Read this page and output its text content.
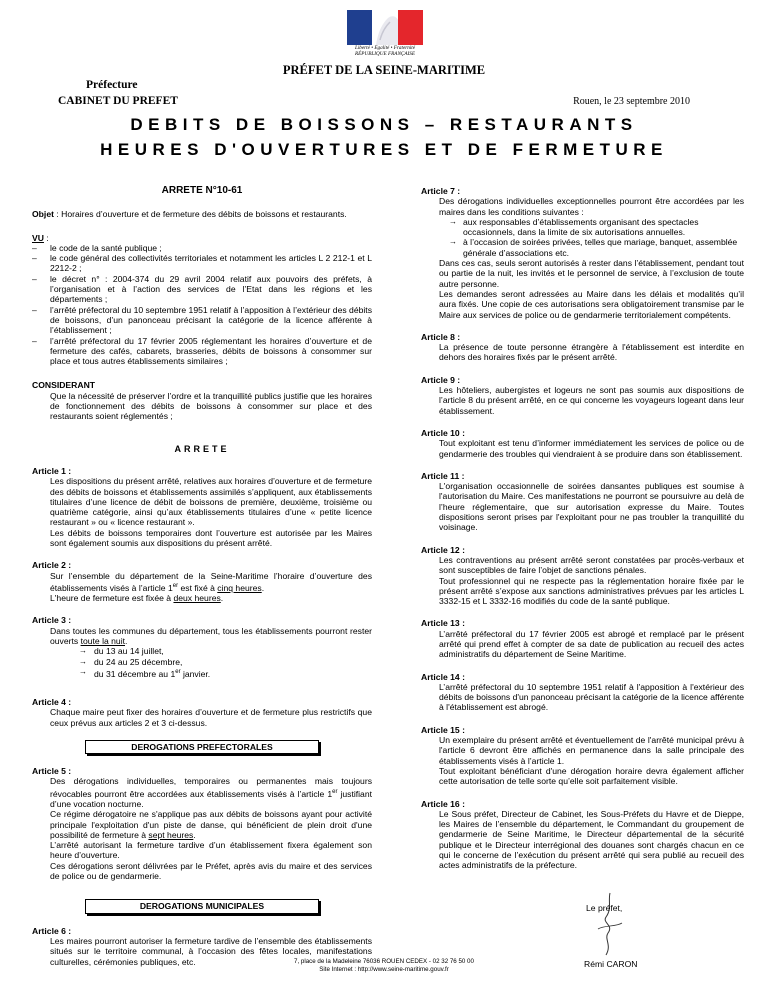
Liberté • Égalité • Fraternité
RÉPUBLIQUE FRANÇAISE
PRÉFET DE LA SEINE-MARITIME
Préfecture
CABINET DU PREFET	Rouen, le 23 septembre 2010
DEBITS DE BOISSONS – RESTAURANTS
HEURES D'OUVERTURES ET DE FERMETURE
ARRETE N°10-61
Objet : Horaires d’ouverture et de fermeture des débits de boissons et restaurants.
VU :
– le code de la santé publique ;
– le code général des collectivités territoriales et notamment les articles L 2 212-1 et L 2212-2 ;
– le décret n° : 2004-374 du 29 avril 2004 relatif aux pouvoirs des préfets, à l’organisation et à l’action des services de l’Etat dans les régions et les départements ;
– l’arrêté préfectoral du 10 septembre 1951 relatif à l’apposition à l’extérieur des débits de boissons, d’un panonceau précisant la catégorie de la licence afférente à l’établissement ;
– l’arrêté préfectoral du 17 février 2005 réglementant les horaires d’ouverture et de fermeture des cafés, cabarets, brasseries, débits de boissons à consommer sur place et tous autres établissements similaires ;
CONSIDERANT
Que la nécessité de préserver l’ordre et la tranquillité publics justifie que les horaires de fonctionnement des débits de boissons à consommer sur place et des restaurants soient réglementés ;
ARRETE
Article 1 :

Les dispositions du présent arrêté, relatives aux horaires d’ouverture et de fermeture des débits de boissons et établissements assimilés s’appliquent, aux établissements titulaires d’une licence de débit de boissons de première, deuxième, troisième ou quatrième catégorie, ainsi qu’aux établissements titulaires d’une « petite licence restaurant » ou « licence restaurant ».

Les débits de boissons temporaires dont l’ouverture est autorisée par les Maires sont également soumis aux dispositions du présent arrêté.

Article 2 :

Sur l’ensemble du département de la Seine-Maritime l’horaire d’ouverture des établissements visés à l’article 1er est fixé à cinq heures.

L'heure de fermeture est fixée à deux heures.

Article 3 :

Dans toutes les communes du département, tous les établissements pourront rester ouverts toute la nuit.

→ du 13 au 14 juillet,
→ du 24 au 25 décembre,
→ du 31 décembre au 1er janvier.
Article 4 :
Chaque maire peut fixer des horaires d’ouverture et de fermeture plus restrictifs que ceux prévus aux articles 2 et 3 ci-dessus.
DEROGATIONS PREFECTORALES
Article 5 :

Des dérogations individuelles, temporaires ou permanentes mais toujours révocables pourront être accordées aux établissements visés à l’article 1er justifiant d’une vocation nocturne.

Ce régime dérogatoire ne s'applique pas aux débits de boissons ayant pour activité principale l'exploitation d'un piste de danse, qui bénéficient de plein droit d'une possibilité de fermeture à sept heures.

L’arrêté autorisant la fermeture tardive d’un établissement fixera également son heure d’ouverture.

Ces dérogations seront délivrées par le Préfet, après avis du maire et des services de police ou de gendarmerie.

DEROGATIONS MUNICIPALES
Article 6 :
Les maires pourront autoriser la fermeture tardive de l’ensemble des établissements situés sur le territoire communal, à l’occasion des fêtes locales, manifestations culturelles, cérémonies publiques, etc.
Article 7 :
Des dérogations individuelles exceptionnelles pourront être accordées par les maires dans les conditions suivantes :
→ aux responsables d’établissements organisant des spectacles occasionnels, dans la limite de six autorisations annuelles.
→ à l’occasion de soirées privées, telles que mariage, banquet, assemblée générale d’associations etc.

Dans ces cas, seuls seront autorisés à rester dans l’établissement, pendant tout ou partie de la nuit, les invités et le personnel de service, à l’exclusion de toute autre personne.

Les demandes seront adressées au Maire dans les délais et modalités qu’il aura fixés. Une copie de ces autorisations sera obligatoirement transmise par le Maire aux services de police ou de gendarmerie territorialement compétents.

Article 8 :
La présence de toute personne étrangère à l'établissement est interdite en dehors des horaires fixés par le présent arrêté.
Article 9 :
Les hôteliers, aubergistes et logeurs ne sont pas soumis aux dispositions de l’article 8 du présent arrêté, en ce qui concerne les voyageurs logeant dans leur établissement.
Article 10 :
Tout exploitant est tenu d’informer immédiatement les services de police ou de gendarmerie des troubles qui viendraient à se produire dans son établissement.
Article 11 :
L'organisation occasionnelle de soirées dansantes publiques est soumise à l'autorisation du Maire. Ces manifestations ne pourront se poursuivre au delà de l’heure réglementaire, que sur autorisation expresse du Maire. Toutes dispositions seront prises par l'exploitant pour ne pas troubler la tranquillité du voisinage.
Article 12 :

Les contraventions au présent arrêté seront constatées par procès-verbaux et sont susceptibles de faire l’objet de sanctions pénales.

Tout professionnel qui ne respecte pas la réglementation horaire fixée par le présent arrêté s’expose aux sanctions administratives prévues par les articles L 3332-15 et L 3332-16 modifiés du code de la santé publique.

Article 13 :
L’arrêté préfectoral du 17 février 2005 est abrogé et remplacé par le présent arrêté qui prend effet à compter de sa date de publication au recueil des actes administratifs du département de Seine Maritime.
Article 14 :
L’arrêté préfectoral du 10 septembre 1951 relatif à l'apposition à l'extérieur des débits de boissons d'un panonceau précisant la catégorie de la licence afférente à l'établissement est abrogé.
Article 15 :

Un exemplaire du présent arrêté et éventuellement de l'arrêté municipal prévu à l'article 6 devront être affichés en permanence dans la salle principale des établissements visés à l’article 1.

Tout exploitant bénéficiant d'une dérogation horaire devra également afficher cette autorisation de telle sorte qu’elle soit parfaitement visible.

Article 16 :
Le Sous préfet, Directeur de Cabinet, les Sous-Préfets du Havre et de Dieppe, les Maires de l’ensemble du département, le Commandant du groupement de gendarmerie de Seine Maritime, le Directeur départemental de la sécurité publique et le Directeur interrégional des douanes sont chargés chacun en ce qui le concerne de l’exécution du présent arrêté qui sera publié au recueil des actes administratifs de la préfecture.
Le préfet,
Rémi CARON
7, place de la Madeleine 76036 ROUEN CEDEX - 02 32 76 50 00
Site Internet : http://www.seine-maritime.gouv.fr
